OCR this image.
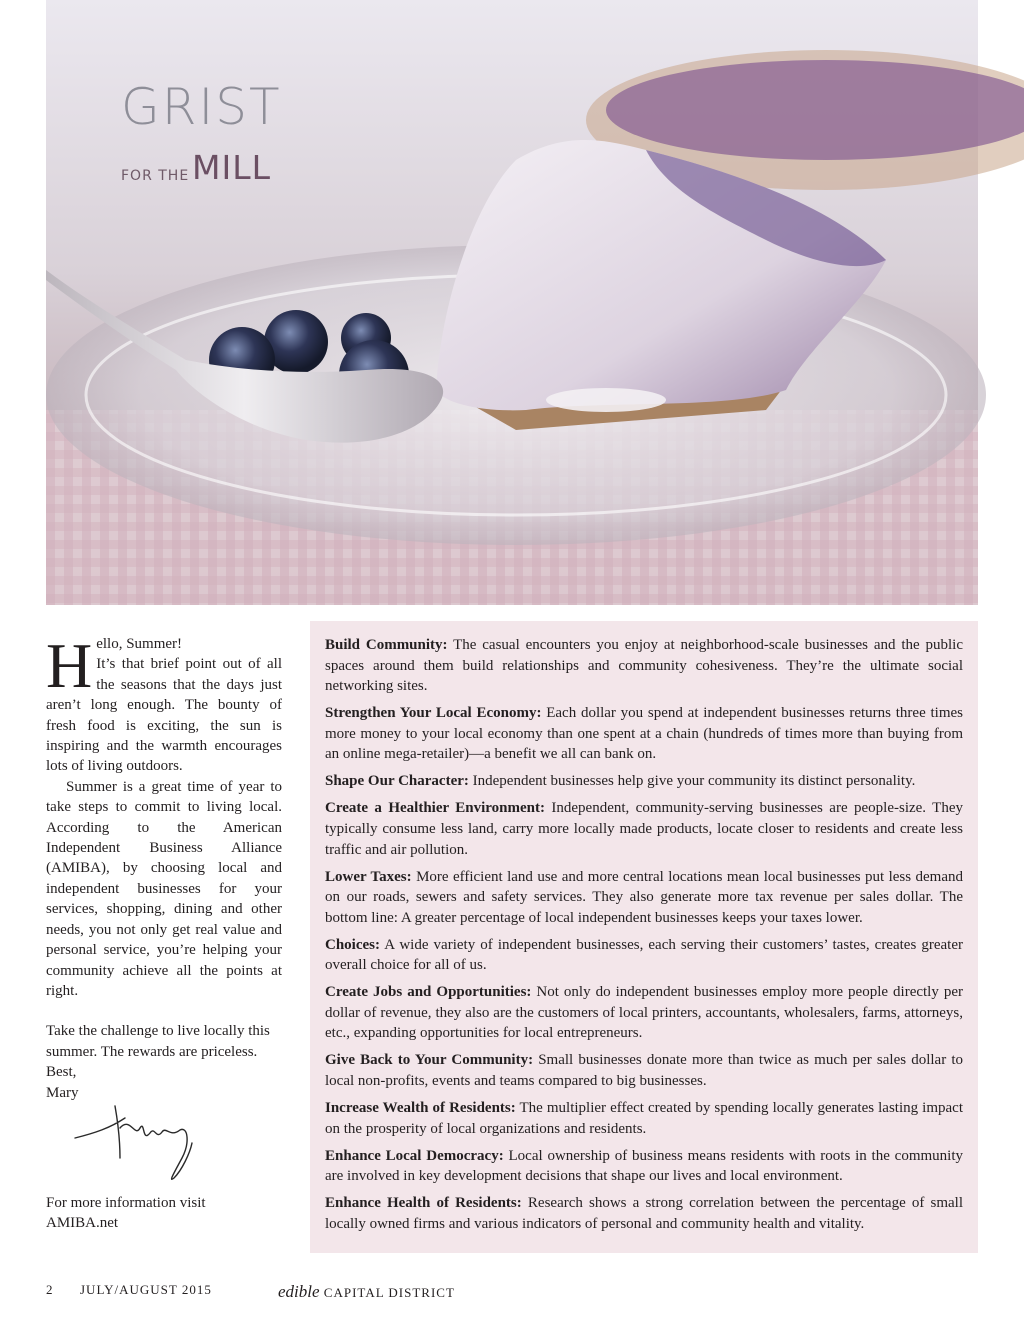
GRIST
FOR THE MILL
Photo by Brent Harrewyn

Hello, Summer!
It’s that brief point out of all the seasons that the days just aren’t long enough. The bounty of fresh food is exciting, the sun is inspiring and the warmth encourages lots of living outdoors.

Summer is a great time of year to take steps to commit to living local. According to the American Independent Business Alliance (AMIBA), by choosing local and independent businesses for your services, shopping, dining and other needs, you not only get real value and personal service, you’re helping your community achieve all the points at right.

Take the challenge to live locally this summer. The rewards are priceless.

Best,

Mary

For more information visit
AMIBA.net
Build Community: The casual encounters you enjoy at neighborhood-scale businesses and the public spaces around them build relationships and community cohesiveness. They’re the ultimate social networking sites.
Strengthen Your Local Economy: Each dollar you spend at independent businesses returns three times more money to your local economy than one spent at a chain (hundreds of times more than buying from an online mega-retailer)—a benefit we all can bank on.
Shape Our Character: Independent businesses help give your community its distinct personality.
Create a Healthier Environment: Independent, community-serving businesses are people-size. They typically consume less land, carry more locally made products, locate closer to residents and create less traffic and air pollution.
Lower Taxes: More efficient land use and more central locations mean local businesses put less demand on our roads, sewers and safety services. They also generate more tax revenue per sales dollar. The bottom line: A greater percentage of local independent businesses keeps your taxes lower.
Choices: A wide variety of independent businesses, each serving their customers’ tastes, creates greater overall choice for all of us.
Create Jobs and Opportunities: Not only do independent businesses employ more people directly per dollar of revenue, they also are the customers of local printers, accountants, wholesalers, farms, attorneys, etc., expanding opportunities for local entrepreneurs.
Give Back to Your Community: Small businesses donate more than twice as much per sales dollar to local non-profits, events and teams compared to big businesses.
Increase Wealth of Residents: The multiplier effect created by spending locally generates lasting impact on the prosperity of local organizations and residents.
Enhance Local Democracy: Local ownership of business means residents with roots in the community are involved in key development decisions that shape our lives and local environment.
Enhance Health of Residents: Research shows a strong correlation between the percentage of small locally owned firms and various indicators of personal and community health and vitality.
2 JULY/AUGUST 2015	edible CAPITAL DISTRICT
